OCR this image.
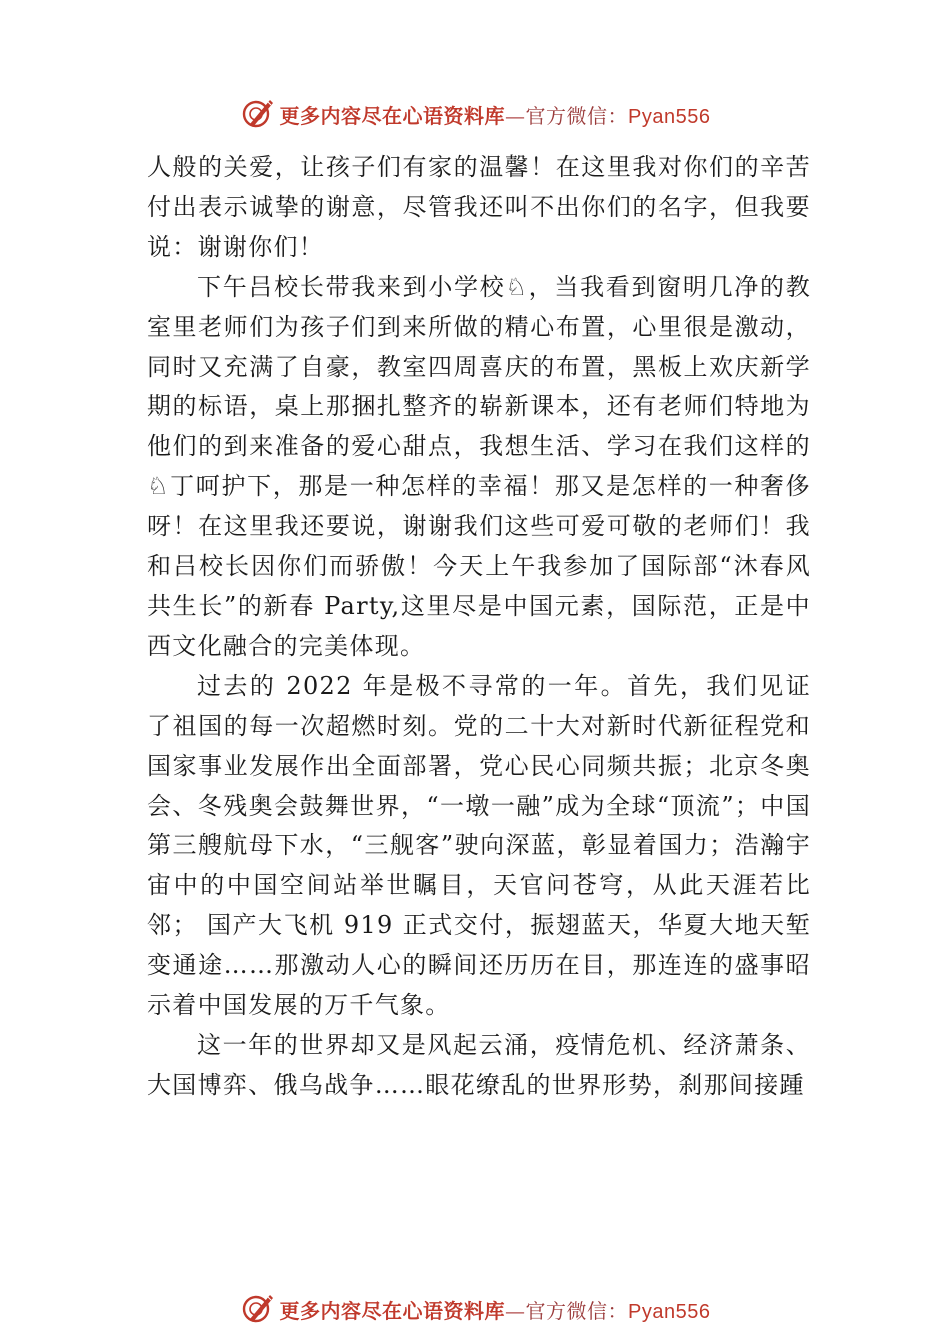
更多内容尽在心语资料库—官方微信：Pyan556

人般的关爱，让孩子们有家的温馨！在这里我对你们的辛苦付出表示诚挚的谢意，尽管我还叫不出你们的名字，但我要说：谢谢你们！

下午吕校长带我来到小学校♘，当我看到窗明几净的教室里老师们为孩子们到来所做的精心布置，心里很是激动， 同时又充满了自豪，教室四周喜庆的布置，黑板上欢庆新学期的标语，桌上那捆扎整齐的崭新课本，还有老师们特地为他们的到来准备的爱心甜点，我想生活、学习在我们这样的♘丁呵护下，那是一种怎样的幸福！那又是怎样的一种奢侈呀！在这里我还要说，谢谢我们这些可爱可敬的老师们！我和吕校长因你们而骄傲！今天上午我参加了国际部“沐春风共生长”的新春 Party,这里尽是中国元素，国际范，正是中西文化融合的完美体现。

过去的 2022 年是极不寻常的一年。首先，我们见证了祖国的每一次超燃时刻。党的二十大对新时代新征程党和国家事业发展作出全面部署，党心民心同频共振；北京冬奥会、冬残奥会鼓舞世界，“一墩一融”成为全球“顶流”；中国第三艘航母下水，“三舰客”驶向深蓝，彰显着国力；浩瀚宇宙中的中国空间站举世瞩目，天官问苍穹，从此天涯若比邻； 国产大飞机 919 正式交付，振翅蓝天，华夏大地天堑变通途……那激动人心的瞬间还历历在目，那连连的盛事昭示着中国发展的万千气象。

这一年的世界却又是风起云涌，疫情危机、经济萧条、大国博弈、俄乌战争……眼花缭乱的世界形势，刹那间接踵

更多内容尽在心语资料库—官方微信：Pyan556
